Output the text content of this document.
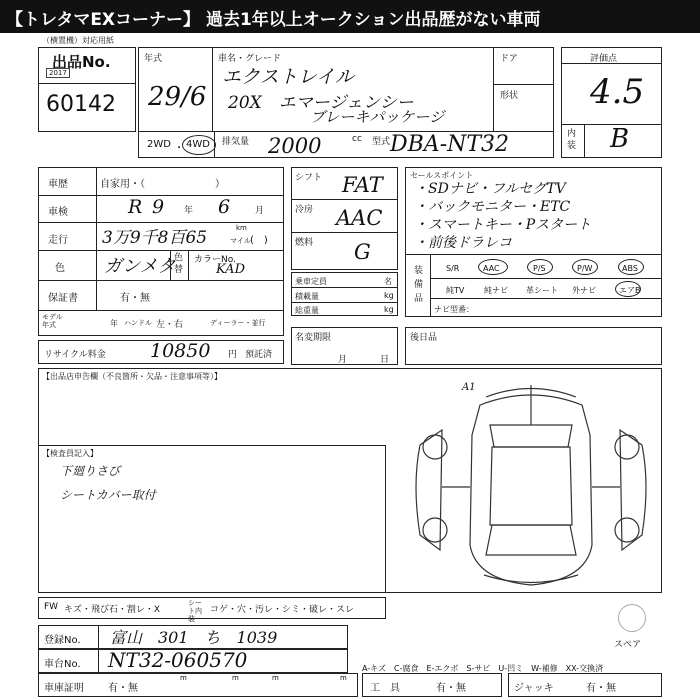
【トレタマEXコーナー】 過去1年以上オークション出品歴がない車両
（横置機）対応用紙
出品No.
2017
60142
年式
29/6
車名・グレード
エクストレイル
20X　エマージェンシー
ブレーキパッケージ
ドア
形状
2WD ・ 4WD 排気量 2000	cc 型式 DBA-NT32
評価点
4.5
内装 B
車歴	自家用・（　　　　　　　）
車検	R 9 年 6	月
走行 3万9千8百65	km
マイル (　)
色 ガンメタ
色替
カラーNo.
KAD
保証書	有・無
モデル年式	年 ハンドル 左・右	ディーラー・並行
シフト FAT
冷房 AAC
燃料 G
乗車定員	名
積載量	kg
総重量	kg
セールスポイント
・SDナビ・フルセグTV
・バックモニター・ETC
・スマートキー・Pスタート
・前後ドラレコ
装備品
S/R	AAC	P/S	P/W	ABS
純TV 純ナビ 革シート 外ナビ	エアB
ナビ型番：
リサイクル料金 10850 円 預託済
名変期限
月	日
後日品
【出品店申告欄（不良箇所・欠品・注意事項等）】
【検査員記入】
下廻りさび
シートカバー取付
A1
スペア
FW キズ・飛び石・割レ・X
シート内装
コゲ・穴・汚レ・シミ・破レ・スレ
登録No. 富山　301　ち　1039
車台No. NT32-060570
車庫証明 有・無
m	m	m	m
A-キズ　C-腐食　E-エクボ　S-サビ　U-凹ミ　W-補修　XX-交換済
工　具	有・無	ジャッキ	有・無
